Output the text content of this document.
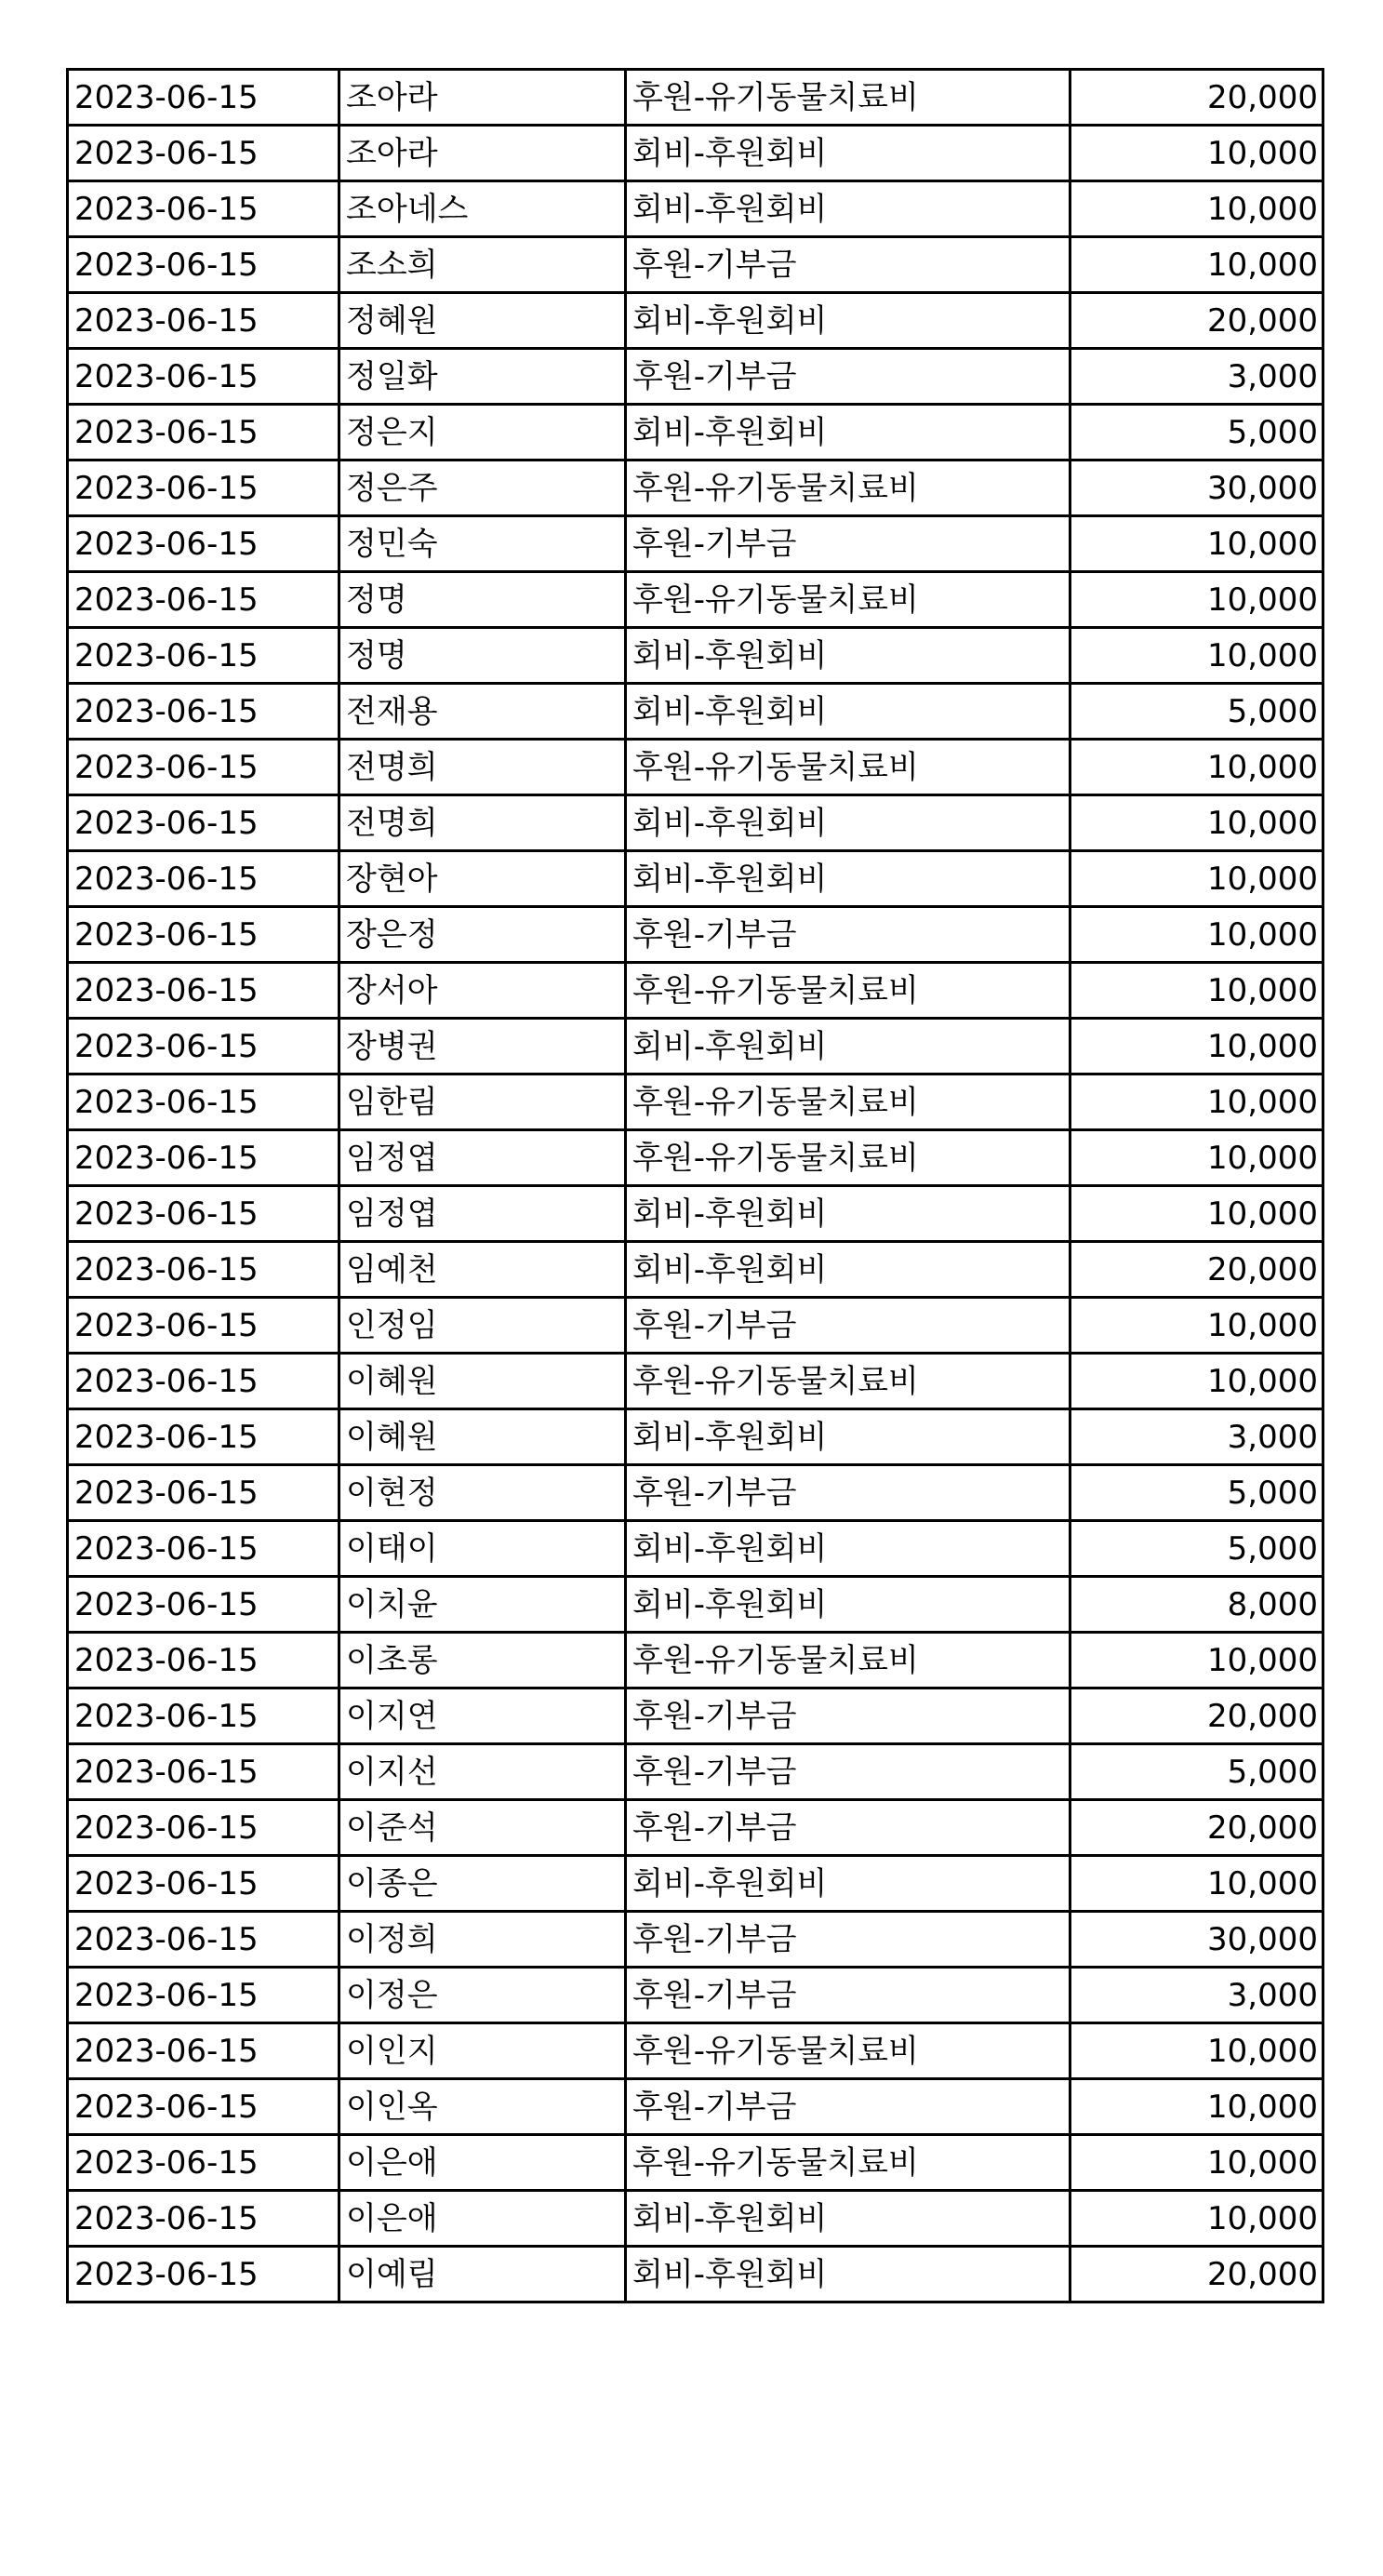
2023-06-15	조아라	후원-유기동물치료비	20,000
2023-06-15	조아라	회비-후원회비	10,000
2023-06-15	조아네스	회비-후원회비	10,000
2023-06-15	조소희	후원-기부금	10,000
2023-06-15	정혜원	회비-후원회비	20,000
2023-06-15	정일화	후원-기부금	3,000
2023-06-15	정은지	회비-후원회비	5,000
2023-06-15	정은주	후원-유기동물치료비	30,000
2023-06-15	정민숙	후원-기부금	10,000
2023-06-15	정명	후원-유기동물치료비	10,000
2023-06-15	정명	회비-후원회비	10,000
2023-06-15	전재용	회비-후원회비	5,000
2023-06-15	전명희	후원-유기동물치료비	10,000
2023-06-15	전명희	회비-후원회비	10,000
2023-06-15	장현아	회비-후원회비	10,000
2023-06-15	장은정	후원-기부금	10,000
2023-06-15	장서아	후원-유기동물치료비	10,000
2023-06-15	장병권	회비-후원회비	10,000
2023-06-15	임한림	후원-유기동물치료비	10,000
2023-06-15	임정엽	후원-유기동물치료비	10,000
2023-06-15	임정엽	회비-후원회비	10,000
2023-06-15	임예천	회비-후원회비	20,000
2023-06-15	인정임	후원-기부금	10,000
2023-06-15	이혜원	후원-유기동물치료비	10,000
2023-06-15	이혜원	회비-후원회비	3,000
2023-06-15	이현정	후원-기부금	5,000
2023-06-15	이태이	회비-후원회비	5,000
2023-06-15	이치윤	회비-후원회비	8,000
2023-06-15	이초롱	후원-유기동물치료비	10,000
2023-06-15	이지연	후원-기부금	20,000
2023-06-15	이지선	후원-기부금	5,000
2023-06-15	이준석	후원-기부금	20,000
2023-06-15	이종은	회비-후원회비	10,000
2023-06-15	이정희	후원-기부금	30,000
2023-06-15	이정은	후원-기부금	3,000
2023-06-15	이인지	후원-유기동물치료비	10,000
2023-06-15	이인옥	후원-기부금	10,000
2023-06-15	이은애	후원-유기동물치료비	10,000
2023-06-15	이은애	회비-후원회비	10,000
2023-06-15	이예림	회비-후원회비	20,000
